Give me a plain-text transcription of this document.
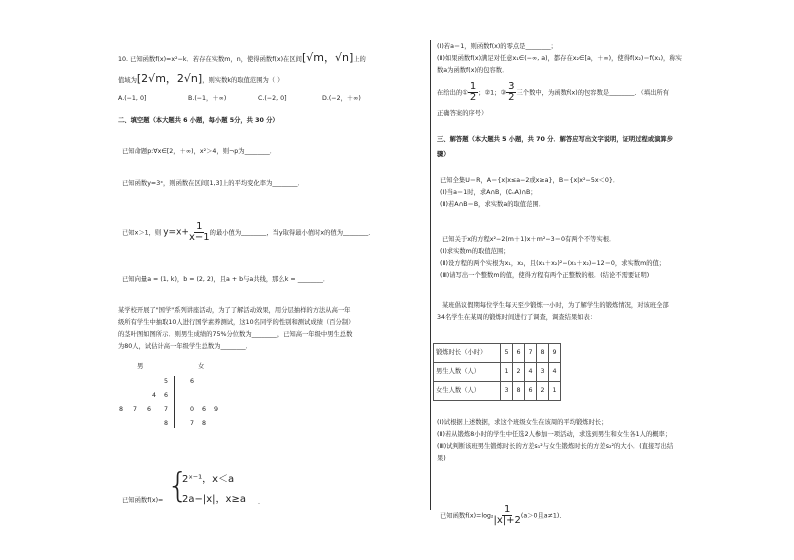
10. 已知函数f(x)=x²−k．若存在实数m，n，使得函数f(x)在区间[√m，√n]上的
值域为[2√m，2√n]，则实数k的取值范围为（ ）
A.(−1, 0]	B.(−1，＋∞)	C.(−2, 0]	D.(−2，＋∞)
二、填空题（本大题共 6 小题，每小题 5分，共 30 分）
已知命题p:∀x∈[2，＋∞)，x²＞4，则¬p为________．
已知函数y=3ˣ，则函数在区间[1,3]上的平均变化率为________．
已知x＞1，则 $y=x+ \frac{1}{x-1}$ 的最小值为________，当y取得最小值时x的值为________．
已知向量a = (1, k)，b = (2, 2)，且a + b与a共线，那么k = ________．
某学校开展了"国学"系列讲座活动，为了了解活动效果，用分层抽样的方法从高一年
级所有学生中抽取10人进行国学素养测试，这10名同学的性别和测试成绩（百分制）
的茎叶图如图所示．则男生成绩的75%分位数为________，已知高一年级中男生总数
为80人，试估计高一年级学生总数为________．
男	女
5	6
4 6
8 7 6 7	0 6 9
8	7 8
已知函数f(x)= {
2ˣ⁻¹，x＜a
2a−|x|，x≥a .
(Ⅰ)若a＝1，则函数f(x)的零点是________；
(Ⅱ)如果函数f(x)满足对任意x₁∈(−∞, a)，都存在x₂∈[a，＋∞)，使得f(x₂)＝f(x₁)，称实
数a为函数f(x)的包容数．
在给出的① $\frac{1}{2}$ ；②1；③ $\frac{3}{2}$ 三个数中，为函数f(x)的包容数是________．（填出所有
正确答案的序号）
三、解答题（本大题共 5 小题，共 70 分．解答应写出文字说明，证明过程或演算步
骤）
已知全集U＝R，A＝{x|x≤a−2或x≥a}，B＝{x|x²−5x＜0}．
(Ⅰ)当a＝1时，求A∩B，(∁ᵤA)∩B；
(Ⅱ)若A∩B＝B，求实数a的取值范围．
已知关于x的方程x²−2(m＋1)x＋m²−3＝0有两个不等实根．
(Ⅰ)求实数m的取值范围；
(Ⅱ)设方程的两个实根为x₁，x₂，且(x₁＋x₂)²−(x₁＋x₂)−12＝0，求实数m的值；
(Ⅲ)请写出一个整数m的值，使得方程有两个正整数的根．(结论不需要证明)
某班倡议假期每位学生每天至少锻炼一小时，为了解学生的锻炼情况，对该班全部
34名学生在某周的锻炼时间进行了调查，调查结果如表：
锻炼时长（小时）	5	6	7	8	9
男生人数（人）	1	2	4	3	4
女生人数（人）	3	8	6	2	1
(Ⅰ)试根据上述数据，求这个班级女生在该周的平均锻炼时长；
(Ⅱ)若从锻炼8小时的学生中任选2人参加一项活动，求选到男生和女生各1人的概率；
(Ⅲ)试判断该班男生锻炼时长的方差s₁²与女生锻炼时长的方差s₂²的大小．(直接写出结
果)
已知函数$f(x)=\log_2 \frac{1}{|x|+2} (a>0$且a≠1)．
